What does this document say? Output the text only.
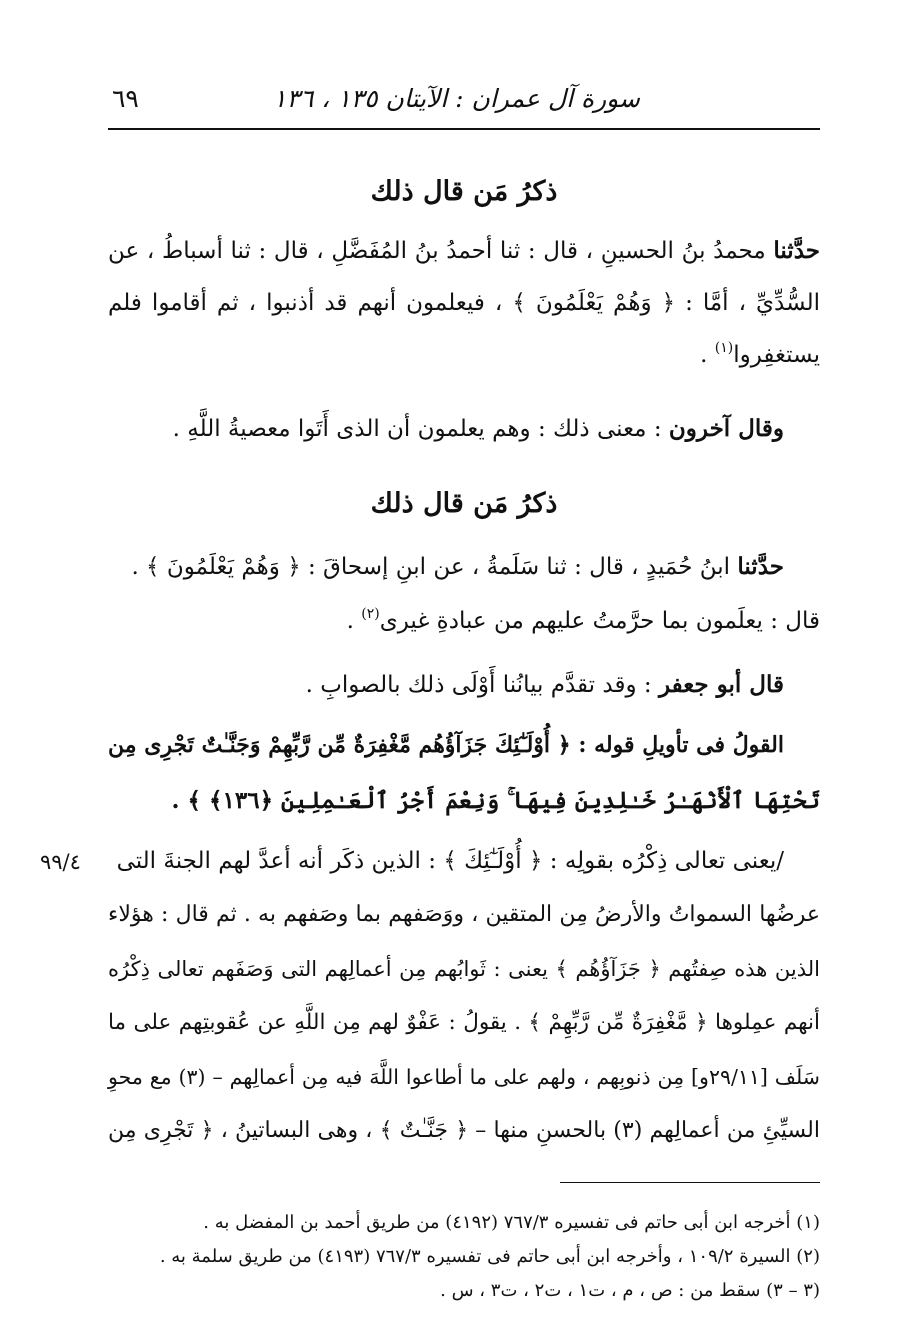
سورة آل عمران : الآيتان ١٣٥ ، ١٣٦
٦٩
ذكرُ مَن قال ذلك
حدَّثنا محمدُ بنُ الحسينِ ، قال : ثنا أحمدُ بنُ المُفَضَّلِ ، قال : ثنا أسباطُ ، عن
السُّدِّيِّ ، أمَّا : ﴿ وَهُمْ يَعْلَمُونَ ﴾ ، فيعلمون أنهم قد أذنبوا ، ثم أقاموا فلم
يستغفِروا$^{(١)}$ .
وقال آخرون : معنى ذلك : وهم يعلمون أن الذى أَتَوا معصيةُ اللَّهِ .
ذكرُ مَن قال ذلك
حدَّثنا ابنُ حُمَيدٍ ، قال : ثنا سَلَمةُ ، عن ابنِ إسحاقَ : ﴿ وَهُمْ يَعْلَمُونَ ﴾ .
قال : يعلَمون بما حرَّمتُ عليهم من عبادةِ غيرى$^{(٢)}$ .
قال أبو جعفر : وقد تقدَّم بيانُنا أَوْلَى ذلك بالصوابِ .
القولُ فى تأويلِ قوله : ﴿ أُوْلَـٰٓئِكَ جَزَآؤُهُم مَّغْفِرَةٌ مِّن رَّبِّهِمْ وَجَنَّـٰتٌ تَجْرِى مِن
تَحْتِهَا ٱلْأَنْهَـٰرُ خَـٰلِدِينَ فِيهَا ۚ وَنِعْمَ أَجْرُ ٱلْعَـٰمِلِينَ ﴿١٣٦﴾ ﴾ .
٩٩/٤	/يعنى تعالى ذِكْرُه بقولِه : ﴿ أُوْلَـٰٓئِكَ ﴾ : الذين ذكَر أنه أعدَّ لهم الجنةَ التى
عرضُها السمواتُ والأرضُ مِن المتقين ، ووَصَفهم بما وصَفهم به . ثم قال : هؤلاء
الذين هذه صِفتُهم ﴿ جَزَآؤُهُم ﴾ يعنى : ثَوابُهم مِن أعمالِهم التى وَصَفَهم تعالى ذِكْرُه
أنهم عمِلوها ﴿ مَّغْفِرَةٌ مِّن رَّبِّهِمْ ﴾ . يقولُ : عَفْوٌ لهم مِن اللَّهِ عن عُقوبتِهم على ما
سَلَف [٢٩/١١و] مِن ذنوبِهم ، ولهم على ما أطاعوا اللَّهَ فيه مِن أعمالِهم – (٣) مع محوِ
السيِّئِ من أعمالِهم (٣) بالحسنِ منها – ﴿ جَنَّـٰتٌ ﴾ ، وهى البساتينُ ، ﴿ تَجْرِى مِن
(١) أخرجه ابن أبى حاتم فى تفسيره ٧٦٧/٣ (٤١٩٢) من طريق أحمد بن المفضل به .
(٢) السيرة ١٠٩/٢ ، وأخرجه ابن أبى حاتم فى تفسيره ٧٦٧/٣ (٤١٩٣) من طريق سلمة به .
(٣ – ٣) سقط من : ص ، م ، ت١ ، ت٢ ، ت٣ ، س .
